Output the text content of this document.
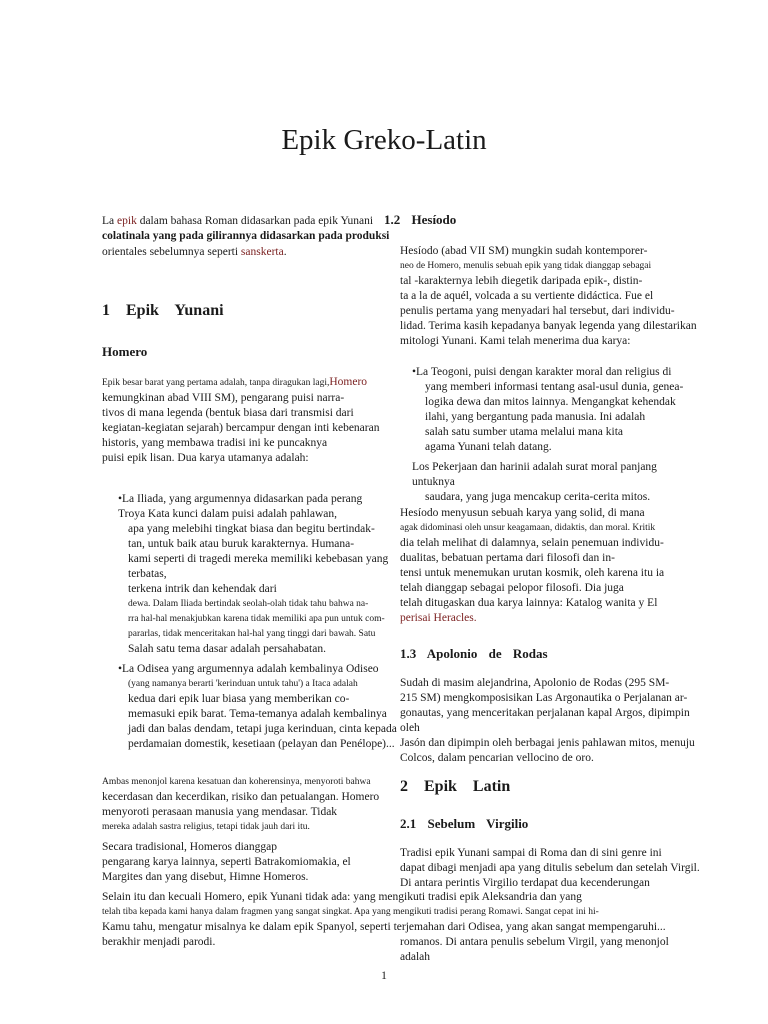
Epik Greko-Latin

La epik dalam bahasa Roman didasarkan pada epik Yunani

colatinala yang pada gilirannya didasarkan pada produksi

orientales sebelumnya seperti sanskerta.

1 Epik Yunani

Homero

Epik besar barat yang pertama adalah, tanpa diragukan lagi,Homero

kemungkinan abad VIII SM), pengarang puisi narra-

tivos di mana legenda (bentuk biasa dari transmisi dari

kegiatan-kegiatan sejarah) bercampur dengan inti kebenaran

historis, yang membawa tradisi ini ke puncaknya

puisi epik lisan. Dua karya utamanya adalah:

•La Iliada, yang argumennya didasarkan pada perang

Troya Kata kunci dalam puisi adalah pahlawan,

apa yang melebihi tingkat biasa dan begitu bertindak-

tan, untuk baik atau buruk karakternya. Humana-

kami seperti di tragedi mereka memiliki kebebasan yang terbatas,

terkena intrik dan kehendak dari

dewa. Dalam Iliada bertindak seolah-olah tidak tahu bahwa na-

rra hal-hal menakjubkan karena tidak memiliki apa pun untuk com-

pararlas, tidak menceritakan hal-hal yang tinggi dari bawah. Satu

Salah satu tema dasar adalah persahabatan.

•La Odisea yang argumennya adalah kembalinya Odiseo

(yang namanya berarti 'kerinduan untuk tahu') a Itaca adalah

kedua dari epik luar biasa yang memberikan co-

memasuki epik barat. Tema-temanya adalah kembalinya

jadi dan balas dendam, tetapi juga kerinduan, cinta kepada

perdamaian domestik, kesetiaan (pelayan dan Penélope)...

Ambas menonjol karena kesatuan dan koherensinya, menyoroti bahwa

kecerdasan dan kecerdikan, risiko dan petualangan. Homero

menyoroti perasaan manusia yang mendasar. Tidak

mereka adalah sastra religius, tetapi tidak jauh dari itu.

Secara tradisional, Homeros dianggap

pengarang karya lainnya, seperti Batrakomiomakia, el

Margites dan yang disebut, Himne Homeros.

Selain itu dan kecuali Homero, epik Yunani tidak ada: yang mengikuti tradisi epik Aleksandria dan yang

telah tiba kepada kami hanya dalam fragmen yang sangat singkat. Apa yang mengikuti tradisi perang Romawi. Sangat cepat ini hi-

Kamu tahu, mengatur misalnya ke dalam epik Spanyol, seperti terjemahan dari Odisea, yang akan sangat mempengaruhi...

berakhir menjadi parodi.

1.2 Hesíodo

Hesíodo (abad VII SM) mungkin sudah kontemporer-

neo de Homero, menulis sebuah epik yang tidak dianggap sebagai

tal -karakternya lebih diegetik daripada epik-, distin-

ta a la de aquél, volcada a su vertiente didáctica. Fue el

penulis pertama yang menyadari hal tersebut, dari individu-

lidad. Terima kasih kepadanya banyak legenda yang dilestarikan

mitologi Yunani. Kami telah menerima dua karya:

•La Teogoni, puisi dengan karakter moral dan religius di

yang memberi informasi tentang asal-usul dunia, genea-

logika dewa dan mitos lainnya. Mengangkat kehendak

ilahi, yang bergantung pada manusia. Ini adalah

salah satu sumber utama melalui mana kita

agama Yunani telah datang.

Los Pekerjaan dan harinii adalah surat moral panjang untuknya

saudara, yang juga mencakup cerita-cerita mitos.

Hesíodo menyusun sebuah karya yang solid, di mana

agak didominasi oleh unsur keagamaan, didaktis, dan moral. Kritik

dia telah melihat di dalamnya, selain penemuan individu-

dualitas, bebatuan pertama dari filosofi dan in-

tensi untuk menemukan urutan kosmik, oleh karena itu ia

telah dianggap sebagai pelopor filosofi. Dia juga

telah ditugaskan dua karya lainnya: Katalog wanita y El

perisai Heracles.

1.3 Apolonio de Rodas

Sudah di masim alejandrina, Apolonio de Rodas (295 SM-

215 SM) mengkomposisikan Las Argonautika o Perjalanan ar-

gonautas, yang menceritakan perjalanan kapal Argos, dipimpin oleh

Jasón dan dipimpin oleh berbagai jenis pahlawan mitos, menuju

Colcos, dalam pencarian vellocino de oro.

2 Epik Latin

2.1 Sebelum Virgilio

Tradisi epik Yunani sampai di Roma dan di sini genre ini

dapat dibagi menjadi apa yang ditulis sebelum dan setelah Virgil.

Di antara perintis Virgilio terdapat dua kecenderungan

romanos. Di antara penulis sebelum Virgil, yang menonjol adalah

1
